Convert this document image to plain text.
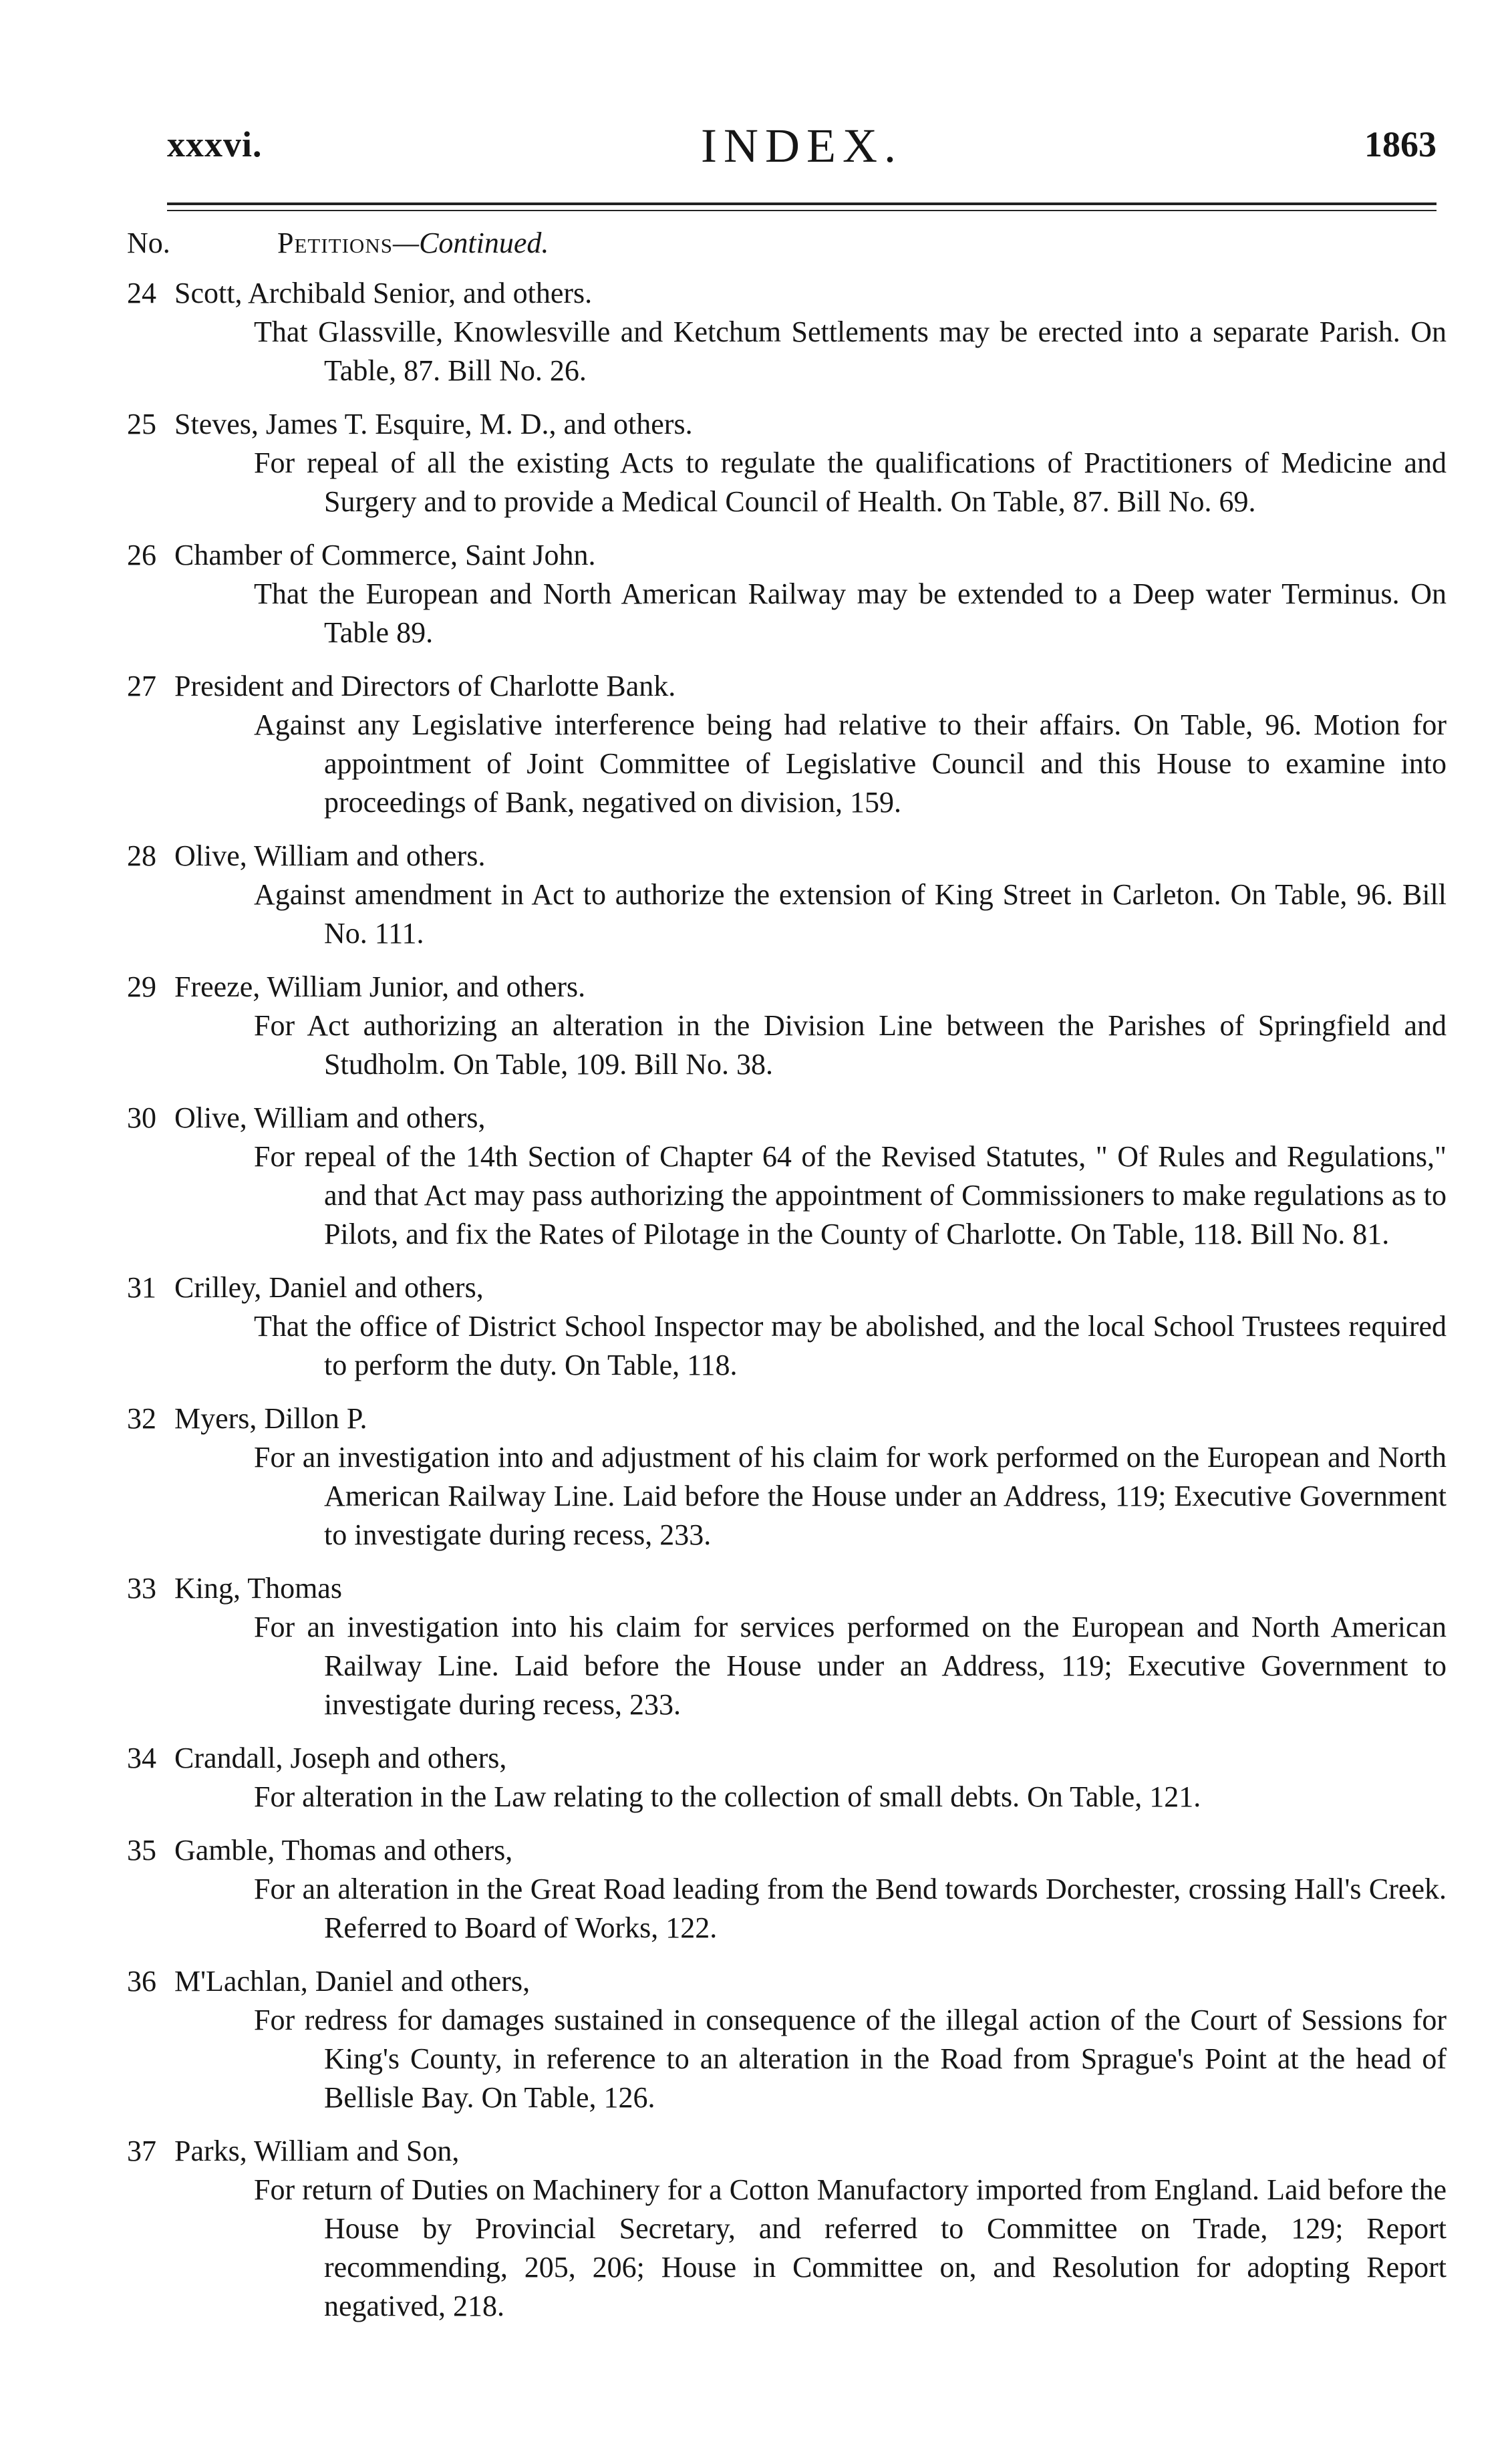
xxxvi.	INDEX.	1863
No.	Petitions—Continued.
24 Scott, Archibald Senior, and others.
That Glassville, Knowlesville and Ketchum Settlements may be erected into a separate Parish. On Table, 87. Bill No. 26.
25 Steves, James T. Esquire, M. D., and others.
For repeal of all the existing Acts to regulate the qualifications of Practitioners of Medicine and Surgery and to provide a Medical Council of Health. On Table, 87. Bill No. 69.
26 Chamber of Commerce, Saint John.
That the European and North American Railway may be extended to a Deep water Terminus. On Table 89.
27 President and Directors of Charlotte Bank.
Against any Legislative interference being had relative to their affairs. On Table, 96. Motion for appointment of Joint Committee of Legislative Council and this House to examine into proceedings of Bank, negatived on division, 159.
28 Olive, William and others.
Against amendment in Act to authorize the extension of King Street in Carleton. On Table, 96. Bill No. 111.
29 Freeze, William Junior, and others.
For Act authorizing an alteration in the Division Line between the Parishes of Springfield and Studholm. On Table, 109. Bill No. 38.
30 Olive, William and others,
For repeal of the 14th Section of Chapter 64 of the Revised Statutes, " Of Rules and Regulations," and that Act may pass authorizing the appointment of Commissioners to make regulations as to Pilots, and fix the Rates of Pilotage in the County of Charlotte. On Table, 118. Bill No. 81.
31 Crilley, Daniel and others,
That the office of District School Inspector may be abolished, and the local School Trustees required to perform the duty. On Table, 118.
32 Myers, Dillon P.
For an investigation into and adjustment of his claim for work performed on the European and North American Railway Line. Laid before the House under an Address, 119; Executive Government to investigate during recess, 233.
33 King, Thomas
For an investigation into his claim for services performed on the European and North American Railway Line. Laid before the House under an Address, 119; Executive Government to investigate during recess, 233.
34 Crandall, Joseph and others,
For alteration in the Law relating to the collection of small debts. On Table, 121.
35 Gamble, Thomas and others,
For an alteration in the Great Road leading from the Bend towards Dorchester, crossing Hall's Creek. Referred to Board of Works, 122.
36 M'Lachlan, Daniel and others,
For redress for damages sustained in consequence of the illegal action of the Court of Sessions for King's County, in reference to an alteration in the Road from Sprague's Point at the head of Bellisle Bay. On Table, 126.
37 Parks, William and Son,
For return of Duties on Machinery for a Cotton Manufactory imported from England. Laid before the House by Provincial Secretary, and referred to Committee on Trade, 129; Report recommending, 205, 206; House in Committee on, and Resolution for adopting Report negatived, 218.
